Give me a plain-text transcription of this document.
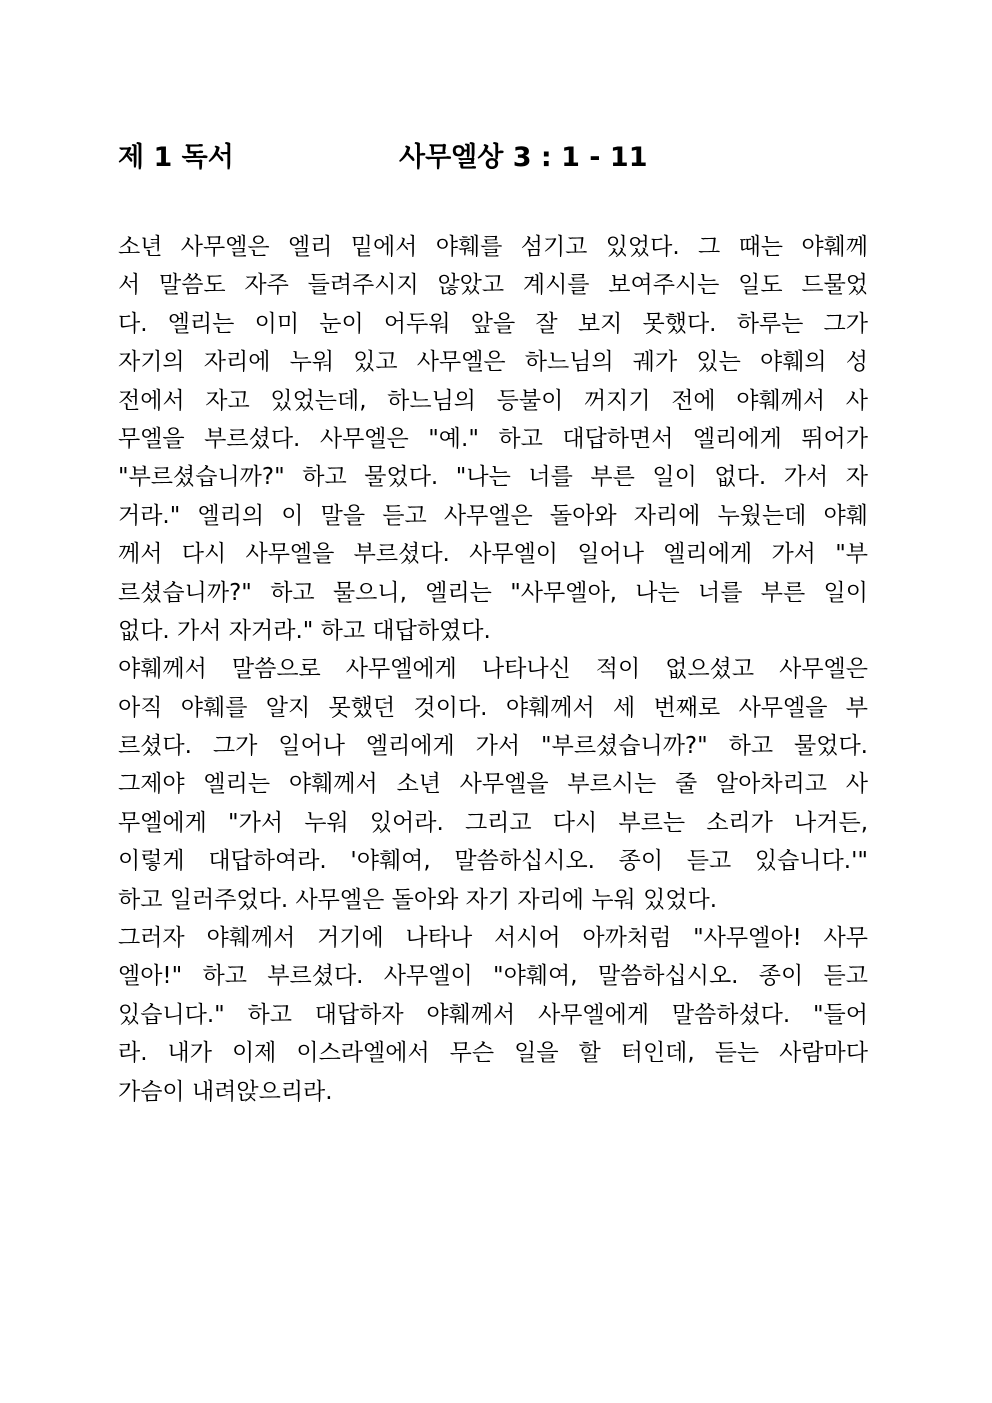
제 1 독서	사무엘상 3 : 1 - 11
소년 사무엘은 엘리 밑에서 야훼를 섬기고 있었다. 그 때는 야훼께
서 말씀도 자주 들려주시지 않았고 계시를 보여주시는 일도 드물었
다. 엘리는 이미 눈이 어두워 앞을 잘 보지 못했다. 하루는 그가
자기의 자리에 누워 있고 사무엘은 하느님의 궤가 있는 야훼의 성
전에서 자고 있었는데, 하느님의 등불이 꺼지기 전에 야훼께서 사
무엘을 부르셨다. 사무엘은 "예." 하고 대답하면서 엘리에게 뛰어가
"부르셨습니까?" 하고 물었다. "나는 너를 부른 일이 없다. 가서 자
거라." 엘리의 이 말을 듣고 사무엘은 돌아와 자리에 누웠는데 야훼
께서 다시 사무엘을 부르셨다. 사무엘이 일어나 엘리에게 가서 "부
르셨습니까?" 하고 물으니, 엘리는 "사무엘아, 나는 너를 부른 일이
없다. 가서 자거라." 하고 대답하였다.
야훼께서 말씀으로 사무엘에게 나타나신 적이 없으셨고 사무엘은
아직 야훼를 알지 못했던 것이다. 야훼께서 세 번째로 사무엘을 부
르셨다. 그가 일어나 엘리에게 가서 "부르셨습니까?" 하고 물었다.
그제야 엘리는 야훼께서 소년 사무엘을 부르시는 줄 알아차리고 사
무엘에게 "가서 누워 있어라. 그리고 다시 부르는 소리가 나거든,
이렇게 대답하여라. '야훼여, 말씀하십시오. 종이 듣고 있습니다.'"
하고 일러주었다. 사무엘은 돌아와 자기 자리에 누워 있었다.
그러자 야훼께서 거기에 나타나 서시어 아까처럼 "사무엘아! 사무
엘아!" 하고 부르셨다. 사무엘이 "야훼여, 말씀하십시오. 종이 듣고
있습니다." 하고 대답하자 야훼께서 사무엘에게 말씀하셨다. "들어
라. 내가 이제 이스라엘에서 무슨 일을 할 터인데, 듣는 사람마다
가슴이 내려앉으리라.
